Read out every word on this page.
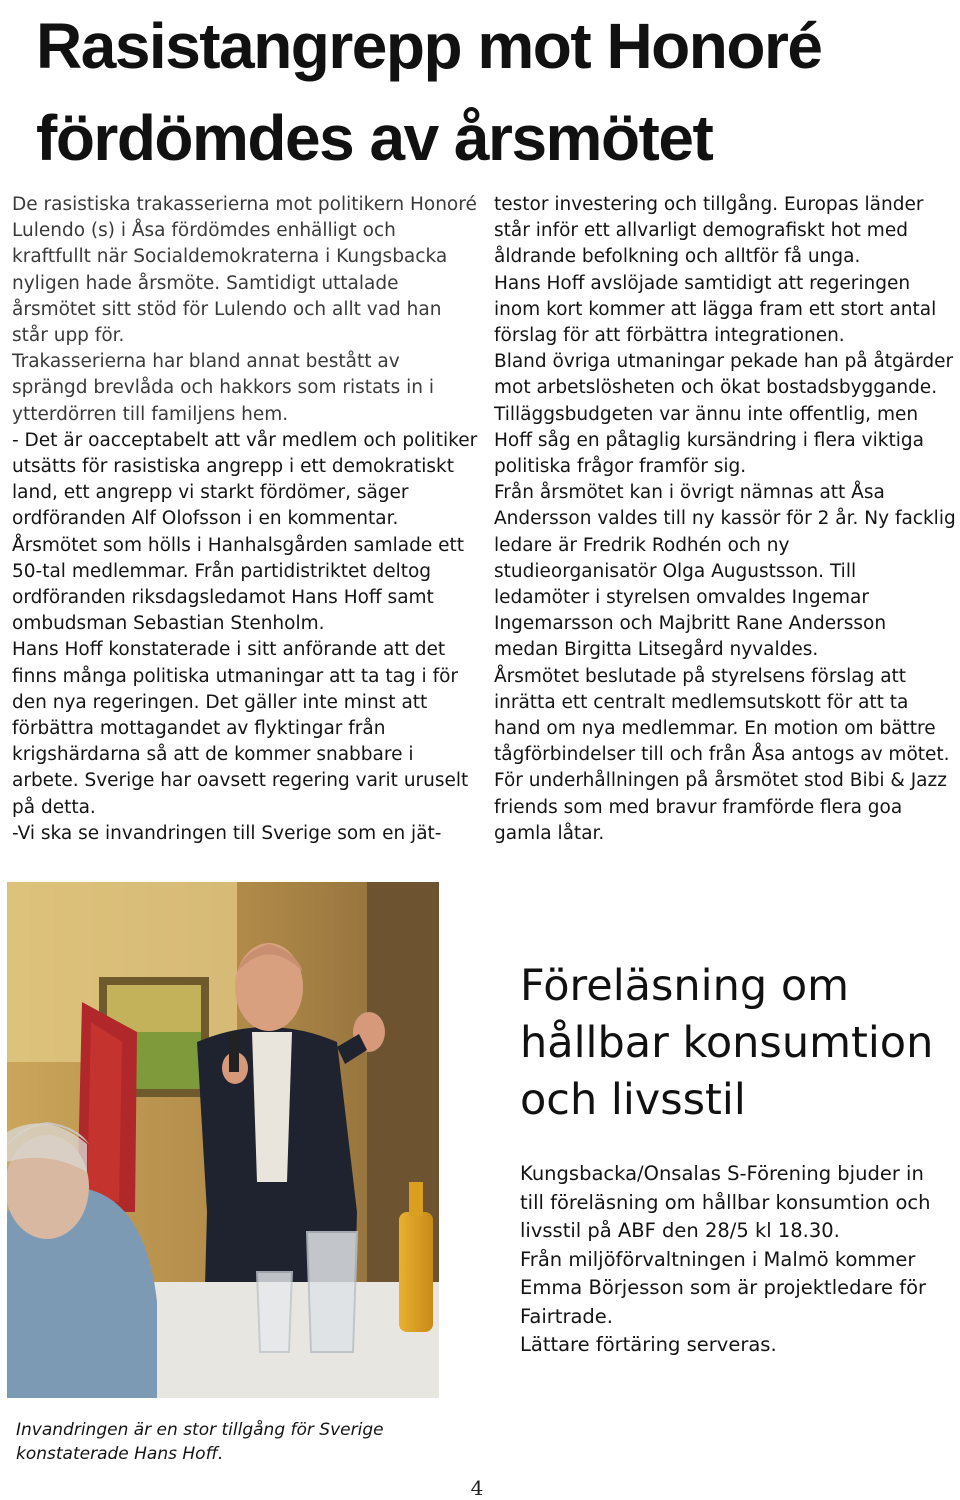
Rasistangrepp mot Honoré fördömdes av årsmötet

De rasistiska trakasserierna mot politikern Honoré Lulendo (s) i Åsa fördömdes enhälligt och kraftfullt när Socialdemokraterna i Kungsbacka nyligen hade årsmöte. Samtidigt uttalade årsmötet sitt stöd för Lulendo och allt vad han står upp för.

Trakasserierna har bland annat bestått av sprängd brevlåda och hakkors som ristats in i ytterdörren till familjens hem.

- Det är oacceptabelt att vår medlem och politiker utsätts för rasistiska angrepp i ett demokratiskt land, ett angrepp vi starkt fördömer, säger ordföranden Alf Olofsson i en kommentar.

Årsmötet som hölls i Hanhalsgården samlade ett 50-tal medlemmar. Från partidistriktet deltog ordföranden riksdagsledamot Hans Hoff samt ombudsman Sebastian Stenholm.

Hans Hoff konstaterade i sitt anförande att det finns många politiska utmaningar att ta tag i för den nya regeringen. Det gäller inte minst att förbättra mottagandet av flyktingar från krigshärdarna så att de kommer snabbare i arbete. Sverige har oavsett regering varit uruselt på detta.

-Vi ska se invandringen till Sverige som en jät-

testor investering och tillgång. Europas länder står inför ett allvarligt demografiskt hot med åldrande befolkning och alltför få unga.

Hans Hoff avslöjade samtidigt att regeringen inom kort kommer att lägga fram ett stort antal förslag för att förbättra integrationen.

Bland övriga utmaningar pekade han på åtgärder mot arbetslösheten och ökat bostadsbyggande. Tilläggsbudgeten var ännu inte offentlig, men Hoff såg en påtaglig kursändring i flera viktiga politiska frågor framför sig.

Från årsmötet kan i övrigt nämnas att Åsa Andersson valdes till ny kassör för 2 år. Ny facklig ledare är Fredrik Rodhén och ny studieorganisatör Olga Augustsson. Till ledamöter i styrelsen omvaldes Ingemar Ingemarsson och Majbritt Rane Andersson medan Birgitta Litsegård nyvaldes.

Årsmötet beslutade på styrelsens förslag att inrätta ett centralt medlemsutskott för att ta hand om nya medlemmar. En motion om bättre tågförbindelser till och från Åsa antogs av mötet.

För underhållningen på årsmötet stod Bibi & Jazz friends som med bravur framförde flera goa gamla låtar.

Invandringen är en stor tillgång för Sverige konstaterade Hans Hoff.

Föreläsning om hållbar konsumtion och livsstil

Kungsbacka/Onsalas S-Förening bjuder in till föreläsning om hållbar konsumtion och livsstil på ABF den 28/5 kl 18.30.

Från miljöförvaltningen i Malmö kommer Emma Börjesson som är projektledare för Fairtrade.

Lättare förtäring serveras.

4
